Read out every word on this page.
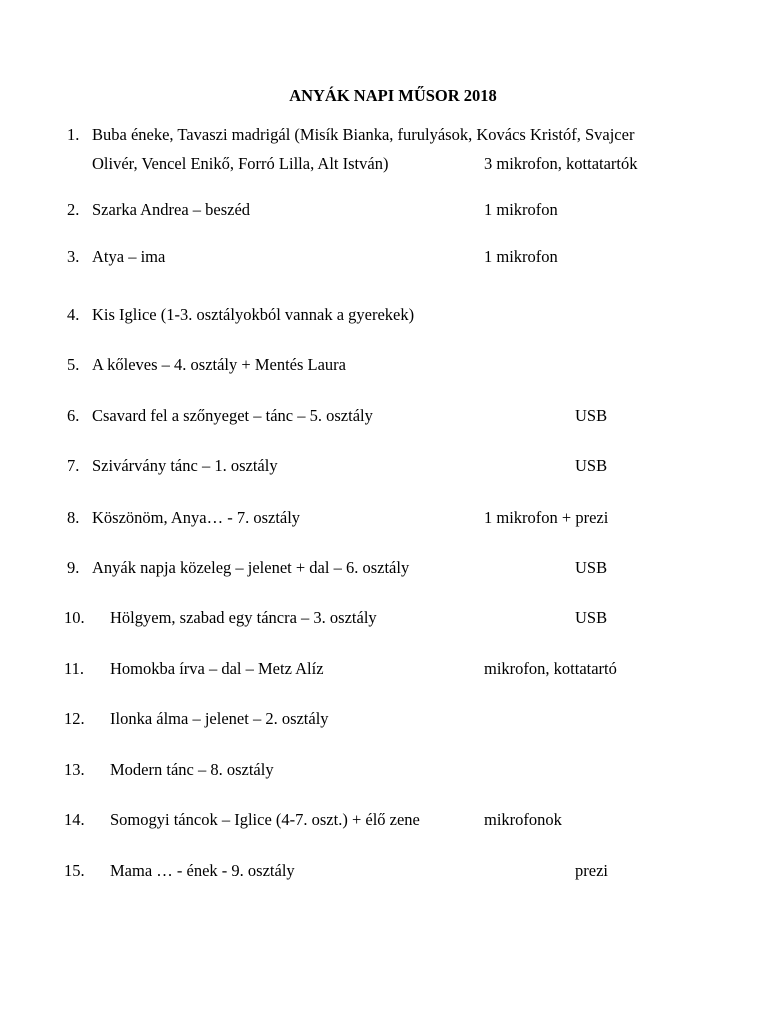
ANYÁK NAPI MŰSOR 2018
1. Buba éneke, Tavaszi madrigál (Misík Bianka, furulyások, Kovács Kristóf, Svajcer
Olivér, Vencel Enikő, Forró Lilla, Alt István)	3 mikrofon, kottatartók
2. Szarka Andrea – beszéd	1 mikrofon
3. Atya – ima	1 mikrofon
4. Kis Iglice (1-3. osztályokból vannak a gyerekek)
5. A kőleves – 4. osztály + Mentés Laura
6. Csavard fel a szőnyeget – tánc – 5. osztály	USB
7. Szivárvány tánc – 1. osztály	USB
8. Köszönöm, Anya… - 7. osztály	1 mikrofon + prezi
9. Anyák napja közeleg – jelenet + dal – 6. osztály	USB
10. Hölgyem, szabad egy táncra – 3. osztály	USB
11. Homokba írva – dal – Metz Alíz	mikrofon, kottatartó
12. Ilonka álma – jelenet – 2. osztály
13. Modern tánc – 8. osztály
14. Somogyi táncok – Iglice (4-7. oszt.) + élő zene	mikrofonok
15. Mama … - ének - 9. osztály	prezi
